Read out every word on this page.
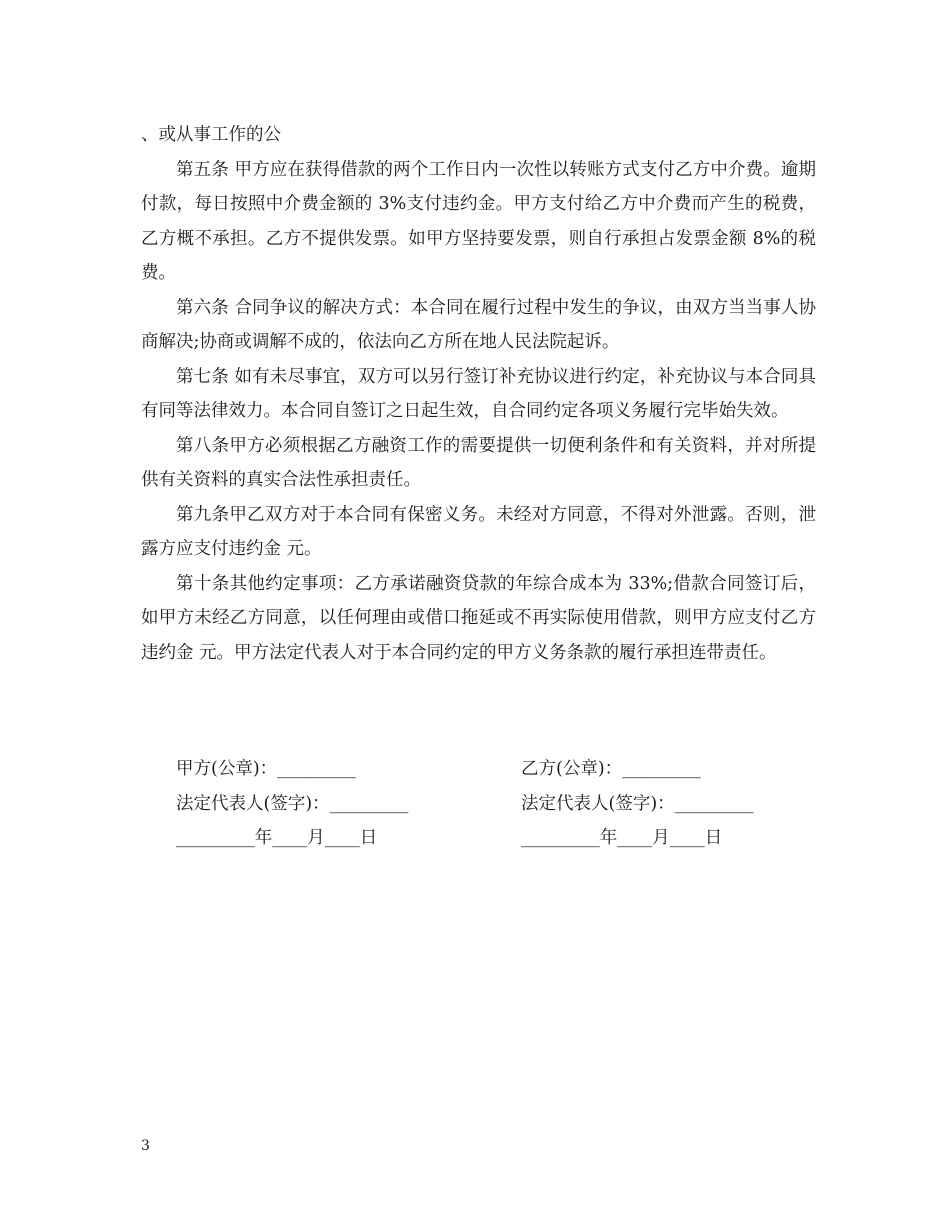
、或从事工作的公

第五条 甲方应在获得借款的两个工作日内一次性以转账方式支付乙方中介费。逾期付款，每日按照中介费金额的 3%支付违约金。甲方支付给乙方中介费而产生的税费，乙方概不承担。乙方不提供发票。如甲方坚持要发票，则自行承担占发票金额 8%的税费。

第六条 合同争议的解决方式：本合同在履行过程中发生的争议，由双方当当事人协商解决;协商或调解不成的，依法向乙方所在地人民法院起诉。

第七条 如有未尽事宜，双方可以另行签订补充协议进行约定，补充协议与本合同具有同等法律效力。本合同自签订之日起生效，自合同约定各项义务履行完毕始失效。

第八条甲方必须根据乙方融资工作的需要提供一切便利条件和有关资料，并对所提供有关资料的真实合法性承担责任。

第九条甲乙双方对于本合同有保密义务。未经对方同意，不得对外泄露。否则，泄露方应支付违约金 元。

第十条其他约定事项：乙方承诺融资贷款的年综合成本为 33%;借款合同签订后，如甲方未经乙方同意，以任何理由或借口拖延或不再实际使用借款，则甲方应支付乙方违约金 元。甲方法定代表人对于本合同约定的甲方义务条款的履行承担连带责任。

甲方(公章)：_________	乙方(公章)：_________
法定代表人(签字)：_________	法定代表人(签字)：_________
_________年____月____日	_________年____月____日
3
